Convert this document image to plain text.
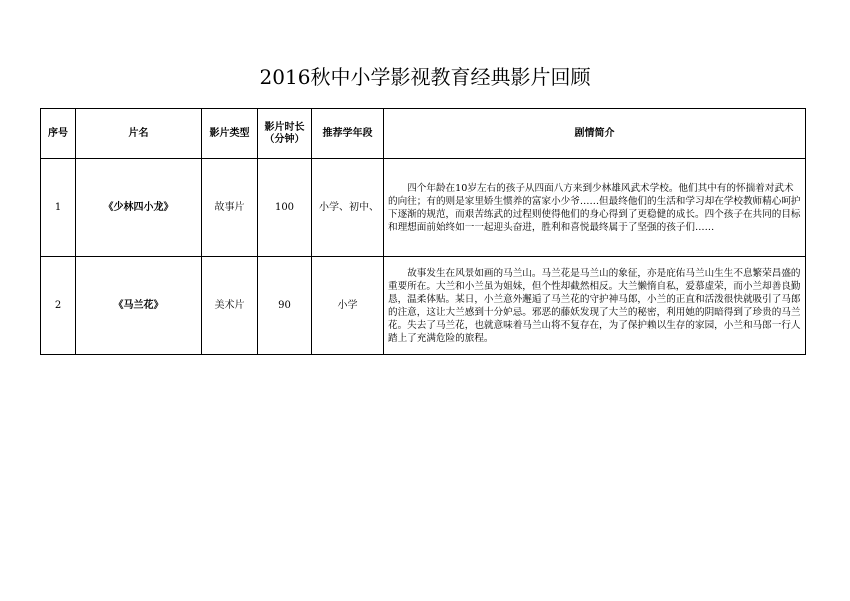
2016秋中小学影视教育经典影片回顾
序号	片名	影片类型	影片时长（分钟）	推荐学年段	剧情简介
1	《少林四小龙》	故事片	100	小学、初中、	四个年龄在10岁左右的孩子从四面八方来到少林雄风武术学校。他们其中有的怀揣着对武术的向往；有的则是家里娇生惯养的富家小少爷……但最终他们的生活和学习却在学校教师精心呵护下逐渐的规范，而艰苦练武的过程则使得他们的身心得到了更稳健的成长。四个孩子在共同的目标和理想面前始终如一一起迎头奋进，胜利和喜悦最终属于了坚强的孩子们……
2	《马兰花》	美术片	90	小学	故事发生在风景如画的马兰山。马兰花是马兰山的象征，亦是庇佑马兰山生生不息繁荣昌盛的重要所在。大兰和小兰虽为姐妹，但个性却截然相反。大兰懒惰自私，爱慕虚荣，而小兰却善良勤恳，温柔体贴。某日，小兰意外邂逅了马兰花的守护神马郎，小兰的正直和活泼很快就吸引了马郎的注意，这让大兰感到十分妒忌。邪恶的藤妖发现了大兰的秘密，利用她的阴暗得到了珍贵的马兰花。失去了马兰花，也就意味着马兰山将不复存在，为了保护赖以生存的家园，小兰和马郎一行人踏上了充满危险的旅程。
